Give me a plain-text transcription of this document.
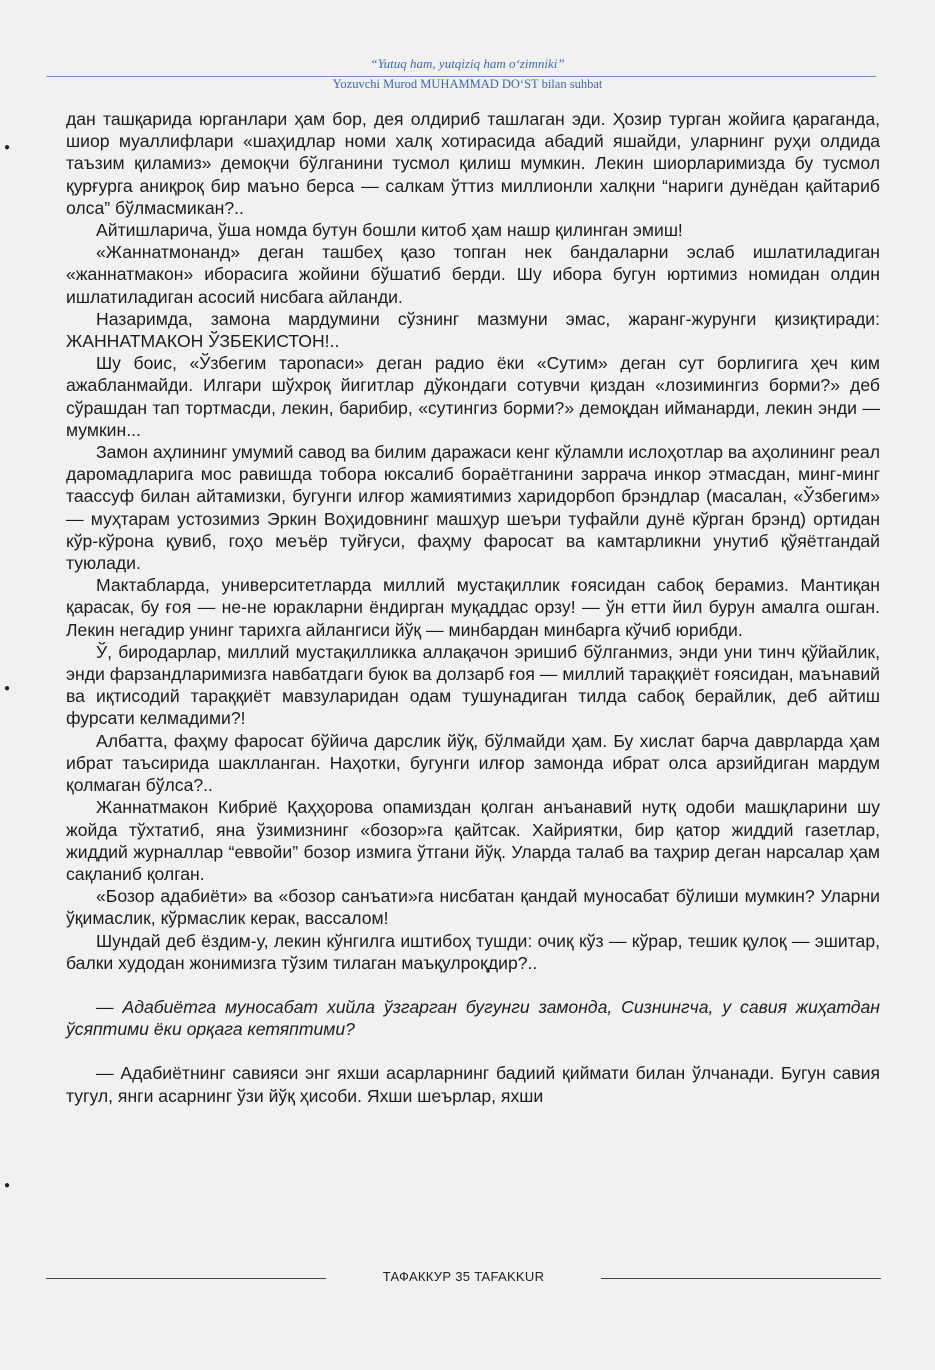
“Yutuq ham, yutqiziq ham o‘zimniki”
Yozuvchi Murod MUHAMMAD DO‘ST bilan suhbat
●
●
●

дан ташқарида юрганлари ҳам бор, дея олдириб ташлаган эди. Ҳозир турган жойига қараганда, шиор муаллифлари «шаҳидлар номи халқ хотирасида абадий яшайди, уларнинг руҳи олдида таъзим қиламиз» демоқчи бўлганини тусмол қилиш мумкин. Лекин шиорларимизда бу тусмол қурғурга аниқроқ бир маъно берса — салкам ўттиз миллионли халқни “нариги дунёдан қайтариб олса” бўлмасмикан?..

Айтишларича, ўша номда бутун бошли китоб ҳам нашр қилинган эмиш!

«Жаннатмонанд» деган ташбеҳ қазо топган нек бандаларни эслаб ишлатиладиган «жаннатмакон» иборасига жойини бўшатиб берди. Шу ибора бугун юртимиз номидан олдин ишлатиладиган асосий нисбага айланди.

Назаримда, замона мардумини сўзнинг мазмуни эмас, жаранг-журунги қизиқтиради: ЖАННАТМАКОН ЎЗБЕКИСТОН!..

Шу боис, «Ўзбегим тароnаси» деган радио ёки «Сутим» деган сут борлигига ҳеч ким ажабланмайди. Илгари шўхроқ йигитлар дўкондаги сотувчи қиздан «лозимингиз борми?» деб сўрашдан тап тортмасди, лекин, барибир, «сутингиз борми?» демоқдан ийманарди, лекин энди — мумкин...

Замон аҳлининг умумий савод ва билим даражаси кенг кўламли ислоҳотлар ва аҳолининг реал даромадларига мос равишда тобора юксалиб бораётганини заррача инкор этмасдан, минг-минг таассуф билан айтамизки, бугунги илғор жамиятимиз харидорбоп брэндлар (масалан, «Ўзбегим» — муҳтарам устозимиз Эркин Воҳидовнинг машҳур шеъри туфайли дунё кўрган брэнд) ортидан кўр-кўрона қувиб, гоҳо меъёр туйғуси, фаҳму фаросат ва камтарликни унутиб қўяётгандай туюлади.

Мактабларда, университетларда миллий мустақиллик ғоясидан сабоқ берамиз. Мантиқан қарасак, бу ғоя — не-не юракларни ёндирган муқаддас орзу! — ўн етти йил бурун амалга ошган. Лекин негадир унинг тарихга айлангиси йўқ — минбардан минбарга кўчиб юрибди.

Ў, биродарлар, миллий мустақилликка аллақачон эришиб бўлганмиз, энди уни тинч қўйайлик, энди фарзандларимизга навбатдаги буюк ва долзарб ғоя — миллий тараққиёт ғоясидан, маънавий ва иқтисодий тараққиёт мавзуларидан одам тушунадиган тилда сабоқ берайлик, деб айтиш фурсати келмадими?!

Албатта, фаҳму фаросат бўйича дарслик йўқ, бўлмайди ҳам. Бу хислат барча даврларда ҳам ибрат таъсирида шаклланган. Наҳотки, бугунги илғор замонда ибрат олса арзийдиган мардум қолмаган бўлса?..

Жаннатмакон Кибриё Қаҳҳорова опамиздан қолган анъанавий нутқ одоби машқларини шу жойда тўхтатиб, яна ўзимизнинг «бозор»га қайтсак. Хайриятки, бир қатор жиддий газетлар, жиддий журналлар “еввойи” бозор измига ўтгани йўқ. Уларда талаб ва таҳрир деган нарсалар ҳам сақланиб қолган.

«Бозор адабиёти» ва «бозор санъати»га нисбатан қандай муносабат бўлиши мумкин? Уларни ўқимаслик, кўрмаслик керак, вассалом!

Шундай деб ёздим-у, лекин кўнгилга иштибоҳ тушди: очиқ кўз — кўрар, тешик қулоқ — эшитар, балки худодан жонимизга тўзим тилаган маъқулроқдир?..

— Адабиётга муносабат хийла ўзгарган бугунги замонда, Сизнингча, у савия жиҳатдан ўсяптими ёки орқага кетяптими?

— Адабиётнинг савияси энг яхши асарларнинг бадиий қиймати билан ўлчанади. Бугун савия тугул, янги асарнинг ўзи йўқ ҳисоби. Яхши шеърлар, яхши

ТАФАККУР 35 TAFAKKUR
